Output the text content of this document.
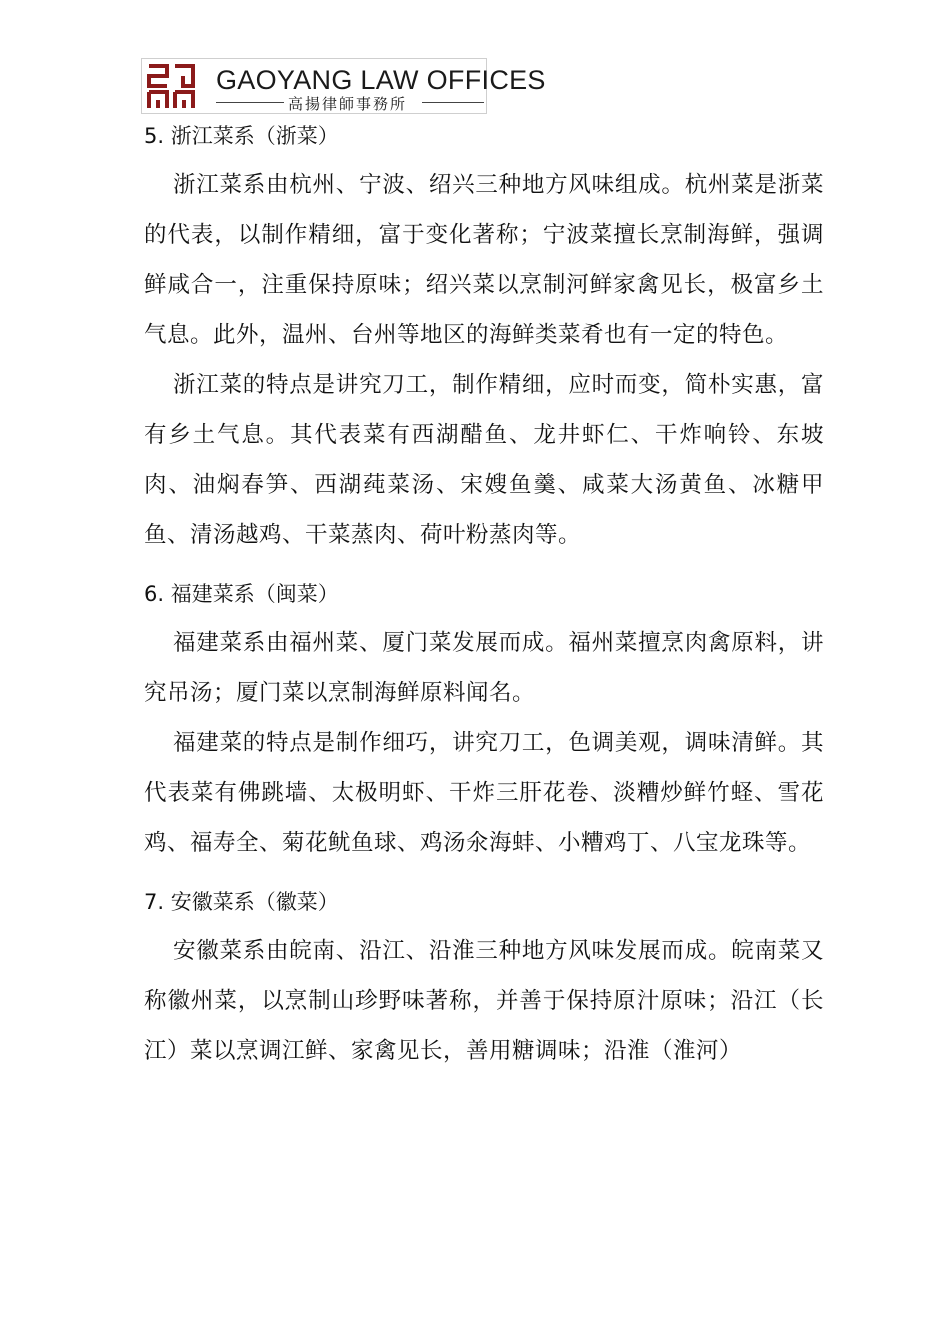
GAOYANG LAW OFFICES
高揚律師事務所
5. 浙江菜系（浙菜）

浙江菜系由杭州、宁波、绍兴三种地方风味组成。杭州菜是浙菜的代表，以制作精细，富于变化著称；宁波菜擅长烹制海鲜，强调鲜咸合一，注重保持原味；绍兴菜以烹制河鲜家禽见长，极富乡土气息。此外，温州、台州等地区的海鲜类菜肴也有一定的特色。

浙江菜的特点是讲究刀工，制作精细，应时而变，简朴实惠，富有乡土气息。其代表菜有西湖醋鱼、龙井虾仁、干炸响铃、东坡肉、油焖春笋、西湖莼菜汤、宋嫂鱼羹、咸菜大汤黄鱼、冰糖甲鱼、清汤越鸡、干菜蒸肉、荷叶粉蒸肉等。

6. 福建菜系（闽菜）

福建菜系由福州菜、厦门菜发展而成。福州菜擅烹肉禽原料，讲究吊汤；厦门菜以烹制海鲜原料闻名。

福建菜的特点是制作细巧，讲究刀工，色调美观，调味清鲜。其代表菜有佛跳墙、太极明虾、干炸三肝花卷、淡糟炒鲜竹蛏、雪花鸡、福寿全、菊花鱿鱼球、鸡汤氽海蚌、小糟鸡丁、八宝龙珠等。

7. 安徽菜系（徽菜）

安徽菜系由皖南、沿江、沿淮三种地方风味发展而成。皖南菜又称徽州菜，以烹制山珍野味著称，并善于保持原汁原味；沿江（长江）菜以烹调江鲜、家禽见长，善用糖调味；沿淮（淮河）
